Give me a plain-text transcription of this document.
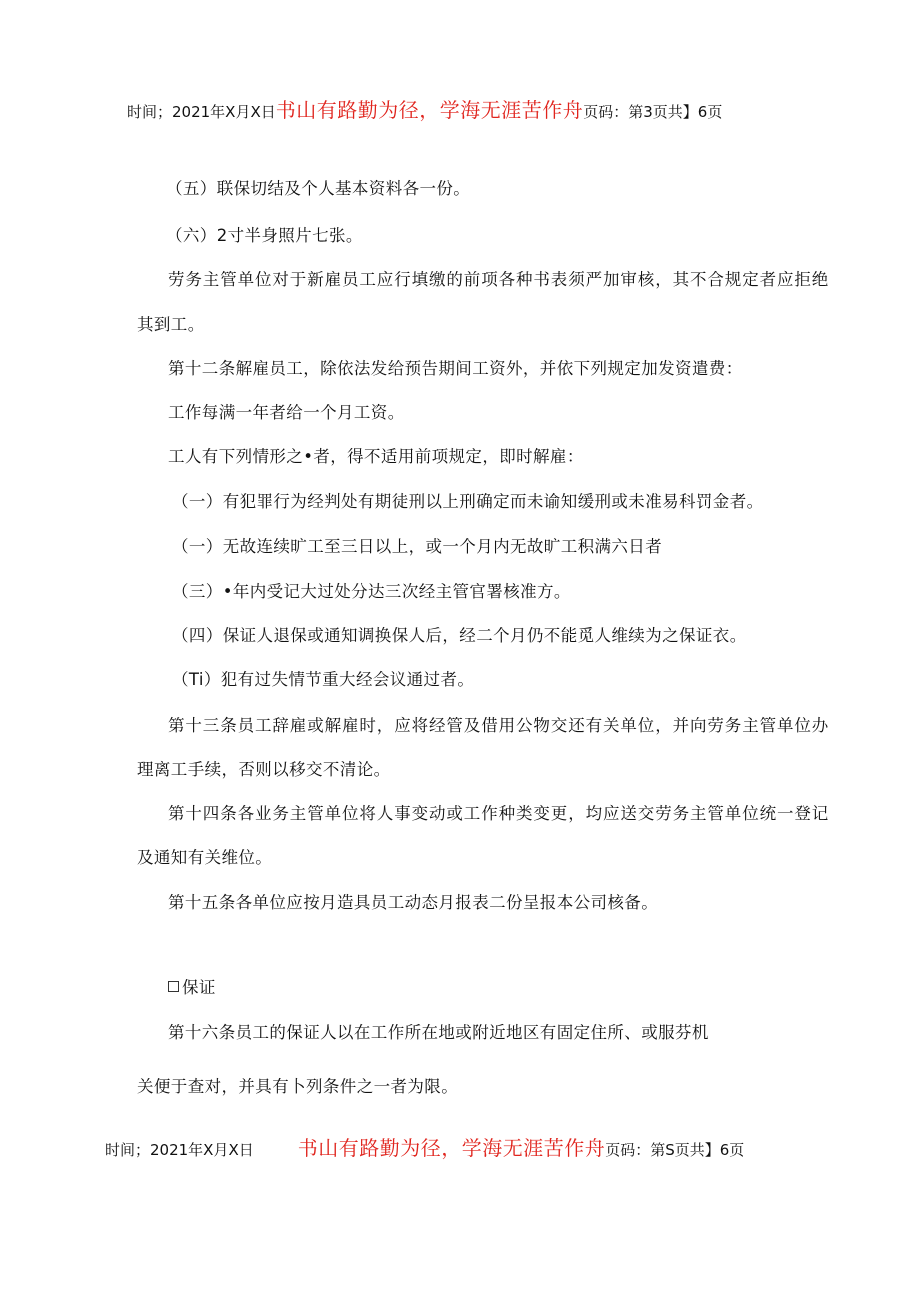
时间；2021年X月X日 书山有路勤为径，学海无涯苦作舟 页码：第3页共】6页
（五）联保切结及个人基本资料各一份。
（六）2寸半身照片七张。
劳务主管单位对于新雇员工应行填缴的前项各种书表须严加审核，其不合规定者应拒绝
其到工。
第十二条解雇员工，除依法发给预告期间工资外，并依下列规定加发资遣费：
工作每满一年者给一个月工资。
工人有下列情形之•者，得不适用前项规定，即时解雇：
（一）有犯罪行为经判处有期徒刑以上刑确定而未谕知缓刑或未准易科罚金者。
（一）无故连续旷工至三日以上，或一个月内无故旷工积满六日者
（三）•年内受记大过处分达三次经主管官署核准方。
（四）保证人退保或通知调换保人后，经二个月仍不能觅人维续为之保证衣。
（Ti）犯有过失情节重大经会议通过者。
第十三条员工辞雇或解雇时，应将经管及借用公物交还有关单位，并向劳务主管单位办
理离工手续，否则以移交不清论。
第十四条各业务主管单位将人事变动或工作种类变更，均应送交劳务主管单位统一登记
及通知有关维位。
第十五条各单位应按月造具员工动态月报表二份呈报本公司核备。
保证
第十六条员工的保证人以在工作所在地或附近地区有固定住所、或服芬机
关便于查对，并具有卜列条件之一者为限。
时间；2021年X月X日 书山有路勤为径，学海无涯苦作舟 页码：第S页共】6页
